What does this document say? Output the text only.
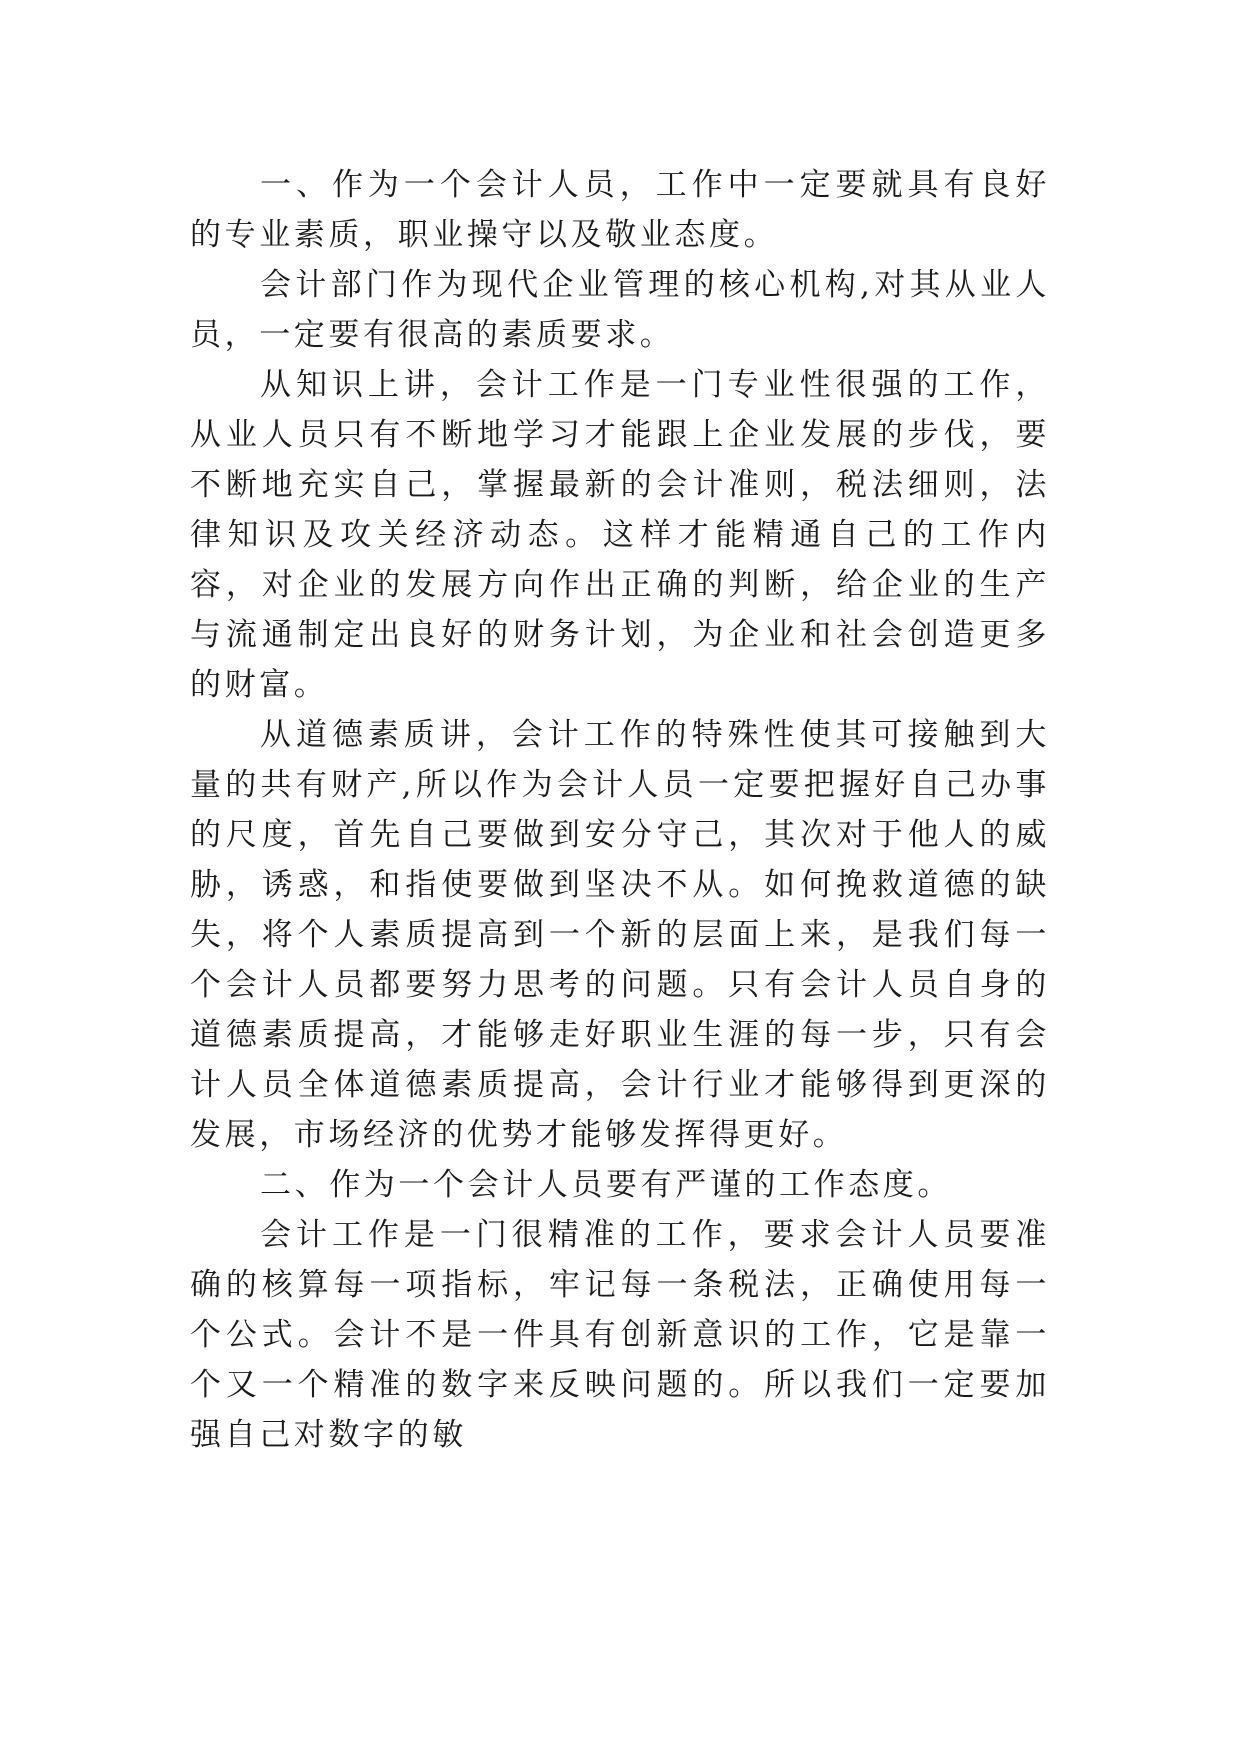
一、作为一个会计人员，工作中一定要就具有良好的专业素质，职业操守以及敬业态度。

会计部门作为现代企业管理的核心机构,对其从业人员，一定要有很高的素质要求。

从知识上讲，会计工作是一门专业性很强的工作，从业人员只有不断地学习才能跟上企业发展的步伐，要不断地充实自己，掌握最新的会计准则，税法细则，法律知识及攻关经济动态。这样才能精通自己的工作内容，对企业的发展方向作出正确的判断，给企业的生产与流通制定出良好的财务计划，为企业和社会创造更多的财富。

从道德素质讲，会计工作的特殊性使其可接触到大量的共有财产,所以作为会计人员一定要把握好自己办事的尺度，首先自己要做到安分守己，其次对于他人的威胁，诱惑，和指使要做到坚决不从。如何挽救道德的缺失，将个人素质提高到一个新的层面上来，是我们每一个会计人员都要努力思考的问题。只有会计人员自身的道德素质提高，才能够走好职业生涯的每一步，只有会计人员全体道德素质提高，会计行业才能够得到更深的发展，市场经济的优势才能够发挥得更好。

二、作为一个会计人员要有严谨的工作态度。

会计工作是一门很精准的工作，要求会计人员要准确的核算每一项指标，牢记每一条税法，正确使用每一个公式。会计不是一件具有创新意识的工作，它是靠一个又一个精准的数字来反映问题的。所以我们一定要加强自己对数字的敏
